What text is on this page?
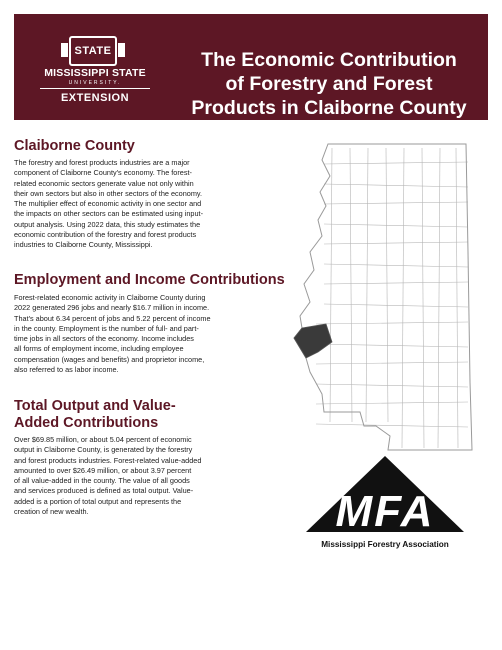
STATE
MISSISSIPPI STATE
UNIVERSITY.
EXTENSION
The Economic Contribution
of Forestry and Forest
Products in Claiborne County
Claiborne County

The forestry and forest products industries are a major
component of Claiborne County's economy. The forest-
related economic sectors generate value not only within
their own sectors but also in other sectors of the economy.
The multiplier effect of economic activity in one sector and
the impacts on other sectors can be estimated using input-
output analysis. Using 2022 data, this study estimates the
economic contribution of the forestry and forest products
industries to Claiborne County, Mississippi.

Employment and Income Contributions

Forest-related economic activity in Claiborne County during
2022 generated 296 jobs and nearly $16.7 million in income.
That's about 6.34 percent of jobs and 5.22 percent of income
in the county. Employment is the number of full- and part-
time jobs in all sectors of the economy. Income includes
all forms of employment income, including employee
compensation (wages and benefits) and proprietor income,
also referred to as labor income.

Total Output and Value-
Added Contributions

Over $69.85 million, or about 5.04 percent of economic
output in Claiborne County, is generated by the forestry
and forest products industries. Forest-related value-added
amounted to over $26.49 million, or about 3.97 percent
of all value-added in the county. The value of all goods
and services produced is defined as total output. Value-
added is a portion of total output and represents the
creation of new wealth.	MFA

Mississippi Forestry Association
